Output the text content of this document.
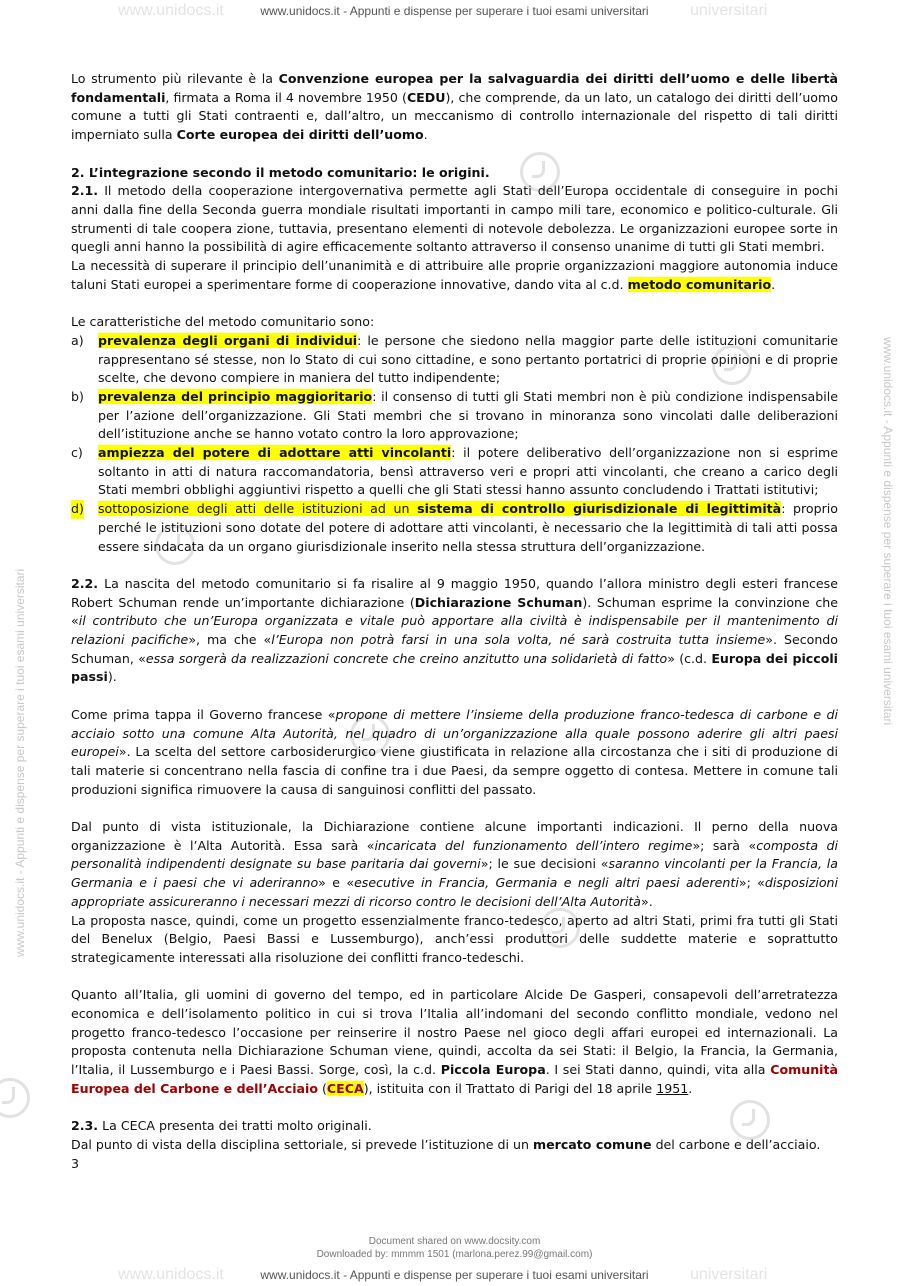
www.unidocs.it	universitari
www.unidocs.it - Appunti e dispense per superare i tuoi esami universitari
www.unidocs.it	universitari
www.unidocs.it - Appunti e dispense per superare i tuoi esami universitari
www.unidocs.it - Appunti e dispense per superare i tuoi esami universitari
www.unidocs.it - Appunti e dispense per superare i tuoi esami universitari

Lo strumento più rilevante è la Convenzione europea per la salvaguardia dei diritti dell’uomo e delle libertà fondamentali, firmata a Roma il 4 novembre 1950 (CEDU), che comprende, da un lato, un catalogo dei diritti dell’uomo comune a tutti gli Stati contraenti e, dall’altro, un meccanismo di controllo internazionale del rispetto di tali diritti imperniato sulla Corte europea dei diritti dell’uomo.

2. L’integrazione secondo il metodo comunitario: le origini.

2.1. Il metodo della cooperazione intergovernativa permette agli Stati dell’Europa occidentale di conseguire in pochi anni dalla fine della Seconda guerra mondiale risultati importanti in campo mili tare, economico e politico-culturale. Gli strumenti di tale coopera zione, tuttavia, presentano elementi di notevole debolezza. Le organizzazioni europee sorte in quegli anni hanno la possibilità di agire efficacemente soltanto attraverso il consenso unanime di tutti gli Stati membri.

La necessità di superare il principio dell’unanimità e di attribuire alle proprie organizzazioni maggiore autonomia induce taluni Stati europei a sperimentare forme di cooperazione innovative, dando vita al c.d. metodo comunitario.

Le caratteristiche del metodo comunitario sono:

a) prevalenza degli organi di individui: le persone che siedono nella maggior parte delle istituzioni comunitarie rappresentano sé stesse, non lo Stato di cui sono cittadine, e sono pertanto portatrici di proprie opinioni e di proprie scelte, che devono compiere in maniera del tutto indipendente;
b) prevalenza del principio maggioritario: il consenso di tutti gli Stati membri non è più condizione indispensabile per l’azione dell’organizzazione. Gli Stati membri che si trovano in minoranza sono vincolati dalle deliberazioni dell’istituzione anche se hanno votato contro la loro approvazione;
c) ampiezza del potere di adottare atti vincolanti: il potere deliberativo dell’organizzazione non si esprime soltanto in atti di natura raccomandatoria, bensì attraverso veri e propri atti vincolanti, che creano a carico degli Stati membri obblighi aggiuntivi rispetto a quelli che gli Stati stessi hanno assunto concludendo i Trattati istitutivi;
d) sottoposizione degli atti delle istituzioni ad un sistema di controllo giurisdizionale di legittimità: proprio perché le istituzioni sono dotate del potere di adottare atti vincolanti, è necessario che la legittimità di tali atti possa essere sindacata da un organo giurisdizionale inserito nella stessa struttura dell’organizzazione.

2.2. La nascita del metodo comunitario si fa risalire al 9 maggio 1950, quando l’allora ministro degli esteri francese Robert Schuman rende un’importante dichiarazione (Dichiarazione Schuman). Schuman esprime la convinzione che «il contributo che un’Europa organizzata e vitale può apportare alla civiltà è indispensabile per il mantenimento di relazioni pacifiche», ma che «l’Europa non potrà farsi in una sola volta, né sarà costruita tutta insieme». Secondo Schuman, «essa sorgerà da realizzazioni concrete che creino anzitutto una solidarietà di fatto» (c.d. Europa dei piccoli passi).

Come prima tappa il Governo francese «propone di mettere l’insieme della produzione franco-tedesca di carbone e di acciaio sotto una comune Alta Autorità, nel quadro di un’organizzazione alla quale possono aderire gli altri paesi europei». La scelta del settore carbosiderurgico viene giustificata in relazione alla circostanza che i siti di produzione di tali materie si concentrano nella fascia di confine tra i due Paesi, da sempre oggetto di contesa. Mettere in comune tali produzioni significa rimuovere la causa di sanguinosi conflitti del passato.

Dal punto di vista istituzionale, la Dichiarazione contiene alcune importanti indicazioni. Il perno della nuova organizzazione è l’Alta Autorità. Essa sarà «incaricata del funzionamento dell’intero regime»; sarà «composta di personalità indipendenti designate su base paritaria dai governi»; le sue decisioni «saranno vincolanti per la Francia, la Germania e i paesi che vi aderiranno» e «esecutive in Francia, Germania e negli altri paesi aderenti»; «disposizioni appropriate assicureranno i necessari mezzi di ricorso contro le decisioni dell’Alta Autorità».

La proposta nasce, quindi, come un progetto essenzialmente franco-tedesco, aperto ad altri Stati, primi fra tutti gli Stati del Benelux (Belgio, Paesi Bassi e Lussemburgo), anch’essi produttori delle suddette materie e soprattutto strategicamente interessati alla risoluzione dei conflitti franco-tedeschi.

Quanto all’Italia, gli uomini di governo del tempo, ed in particolare Alcide De Gasperi, consapevoli dell’arretratezza economica e dell’isolamento politico in cui si trova l’Italia all’indomani del secondo conflitto mondiale, vedono nel progetto franco-tedesco l’occasione per reinserire il nostro Paese nel gioco degli affari europei ed internazionali. La proposta contenuta nella Dichiarazione Schuman viene, quindi, accolta da sei Stati: il Belgio, la Francia, la Germania, l’Italia, il Lussemburgo e i Paesi Bassi. Sorge, così, la c.d. Piccola Europa. I sei Stati danno, quindi, vita alla Comunità Europea del Carbone e dell’Acciaio (CECA), istituita con il Trattato di Parigi del 18 aprile 1951.

2.3. La CECA presenta dei tratti molto originali.

Dal punto di vista della disciplina settoriale, si prevede l’istituzione di un mercato comune del carbone e dell’acciaio.

3

Document shared on www.docsity.com
Downloaded by: mmmm 1501 (marlona.perez.99@gmail.com)
